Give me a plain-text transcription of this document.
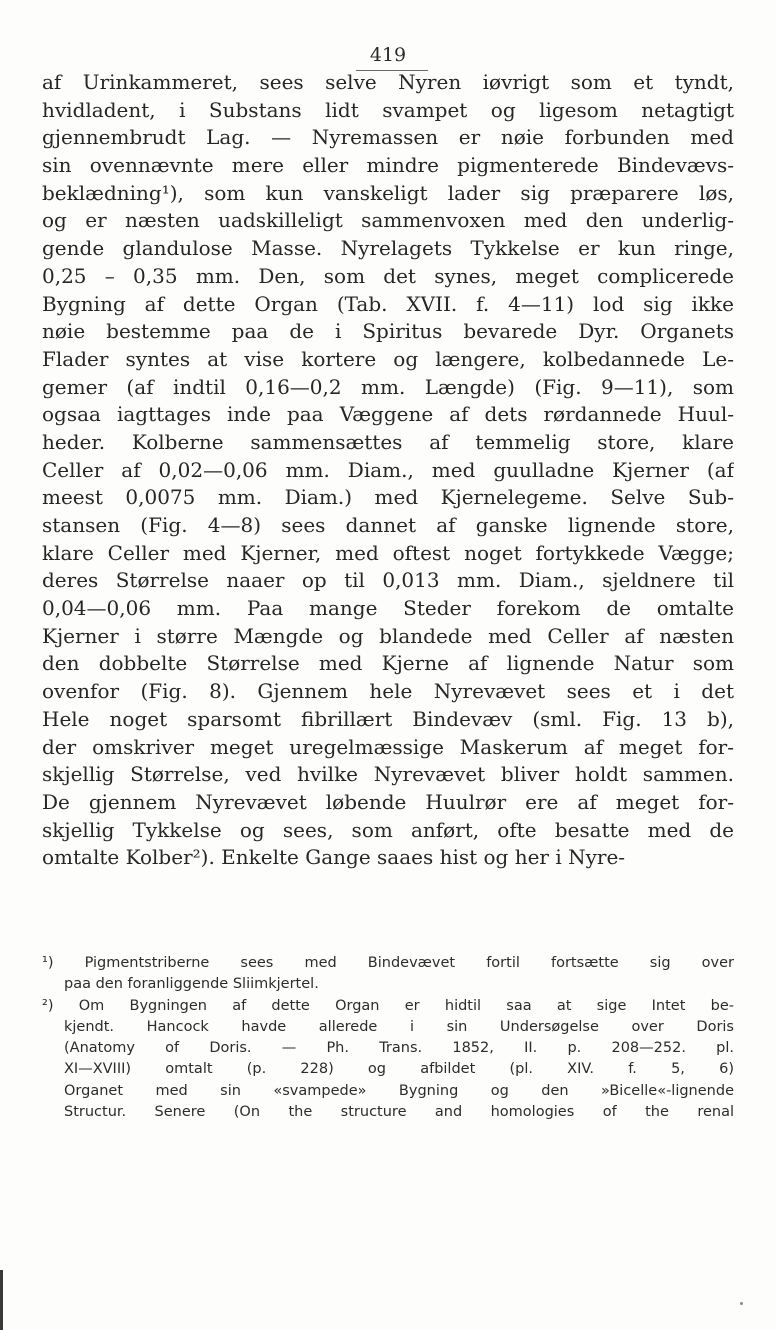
419
af Urinkammeret, sees selve Nyren iøvrigt som et tyndt,
hvidladent, i Substans lidt svampet og ligesom netagtigt
gjennembrudt Lag. — Nyremassen er nøie forbunden med
sin ovennævnte mere eller mindre pigmenterede Bindevævs-
beklædning¹), som kun vanskeligt lader sig præparere løs,
og er næsten uadskilleligt sammenvoxen med den underlig-
gende glandulose Masse. Nyrelagets Tykkelse er kun ringe,
0,25 – 0,35 mm. Den, som det synes, meget complicerede
Bygning af dette Organ (Tab. XVII. f. 4—11) lod sig ikke
nøie bestemme paa de i Spiritus bevarede Dyr. Organets
Flader syntes at vise kortere og længere, kolbedannede Le-
gemer (af indtil 0,16—0,2 mm. Længde) (Fig. 9—11), som
ogsaa iagttages inde paa Væggene af dets rørdannede Huul-
heder. Kolberne sammensættes af temmelig store, klare
Celler af 0,02—0,06 mm. Diam., med guulladne Kjerner (af
meest 0,0075 mm. Diam.) med Kjernelegeme. Selve Sub-
stansen (Fig. 4—8) sees dannet af ganske lignende store,
klare Celler med Kjerner, med oftest noget fortykkede Vægge;
deres Størrelse naaer op til 0,013 mm. Diam., sjeldnere til
0,04—0,06 mm. Paa mange Steder forekom de omtalte
Kjerner i større Mængde og blandede med Celler af næsten
den dobbelte Størrelse med Kjerne af lignende Natur som
ovenfor (Fig. 8). Gjennem hele Nyrevævet sees et i det
Hele noget sparsomt fibrillært Bindevæv (sml. Fig. 13 b),
der omskriver meget uregelmæssige Maskerum af meget for-
skjellig Størrelse, ved hvilke Nyrevævet bliver holdt sammen.
De gjennem Nyrevævet løbende Huulrør ere af meget for-
skjellig Tykkelse og sees, som anført, ofte besatte med de
omtalte Kolber²). Enkelte Gange saaes hist og her i Nyre-
¹) Pigmentstriberne sees med Bindevævet fortil fortsætte sig over
paa den foranliggende Sliimkjertel.
²) Om Bygningen af dette Organ er hidtil saa at sige Intet be-
kjendt. Hancock havde allerede i sin Undersøgelse over Doris
(Anatomy of Doris. — Ph. Trans. 1852, II. p. 208—252. pl.
XI—XVIII) omtalt (p. 228) og afbildet (pl. XIV. f. 5, 6)
Organet med sin «svampede» Bygning og den »Bicelle«-lignende
Structur. Senere (On the structure and homologies of the renal
